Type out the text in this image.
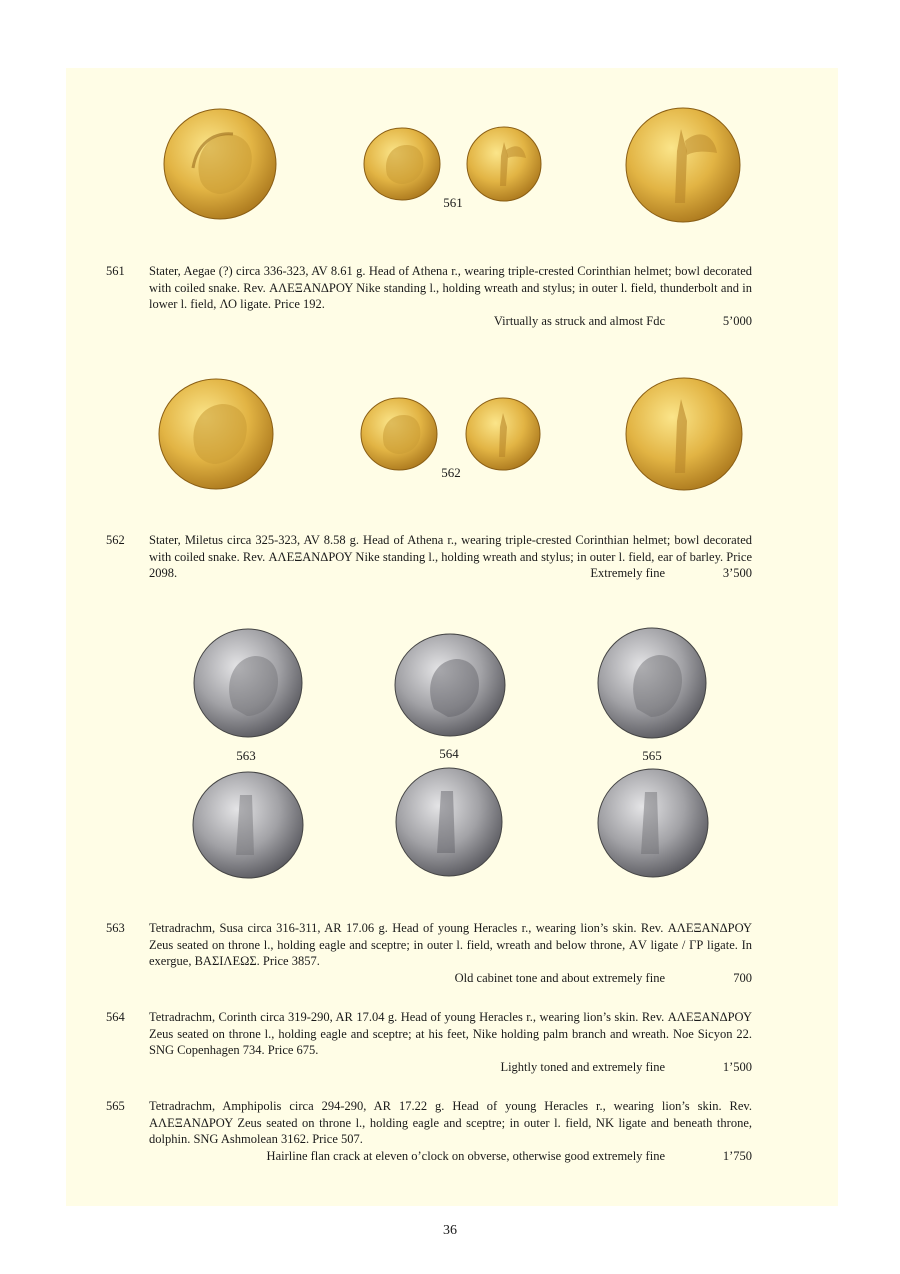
561
561 Stater, Aegae (?) circa 336-323, AV 8.61 g. Head of Athena r., wearing triple-crested Corinthian helmet; bowl decorated with coiled snake. Rev. ΑΛΕΞΑΝΔΡΟΥ Nike standing l., holding wreath and stylus; in outer l. field, thunderbolt and in lower l. field, ΛΟ ligate. Price 192.
Virtually as struck and almost Fdc	5’000
562
562 Stater, Miletus circa 325-323, AV 8.58 g. Head of Athena r., wearing triple-crested Corinthian helmet; bowl decorated with coiled snake. Rev. ΑΛΕΞΑΝΔΡΟΥ Nike standing l., holding wreath and stylus; in outer l. field, ear of barley. Price 2098.	Extremely fine	3’500
563	564	565
563 Tetradrachm, Susa circa 316-311, AR 17.06 g. Head of young Heracles r., wearing lion’s skin. Rev. ΑΛΕΞΑΝΔΡΟΥ Zeus seated on throne l., holding eagle and sceptre; in outer l. field, wreath and below throne, ΑV ligate / ΓΡ ligate. In exergue, ΒΑΣΙΛΕΩΣ. Price 3857.
Old cabinet tone and about extremely fine	700
564 Tetradrachm, Corinth circa 319-290, AR 17.04 g. Head of young Heracles r., wearing lion’s skin. Rev. ΑΛΕΞΑΝΔΡΟΥ Zeus seated on throne l., holding eagle and sceptre; at his feet, Nike holding palm branch and wreath. Noe Sicyon 22. SNG Copenhagen 734. Price 675.
Lightly toned and extremely fine	1’500
565 Tetradrachm, Amphipolis circa 294-290, AR 17.22 g. Head of young Heracles r., wearing lion’s skin. Rev. ΑΛΕΞΑΝΔΡΟΥ Zeus seated on throne l., holding eagle and sceptre; in outer l. field, NK ligate and beneath throne, dolphin. SNG Ashmolean 3162. Price 507.
Hairline flan crack at eleven o’clock on obverse, otherwise good extremely fine	1’750
36
